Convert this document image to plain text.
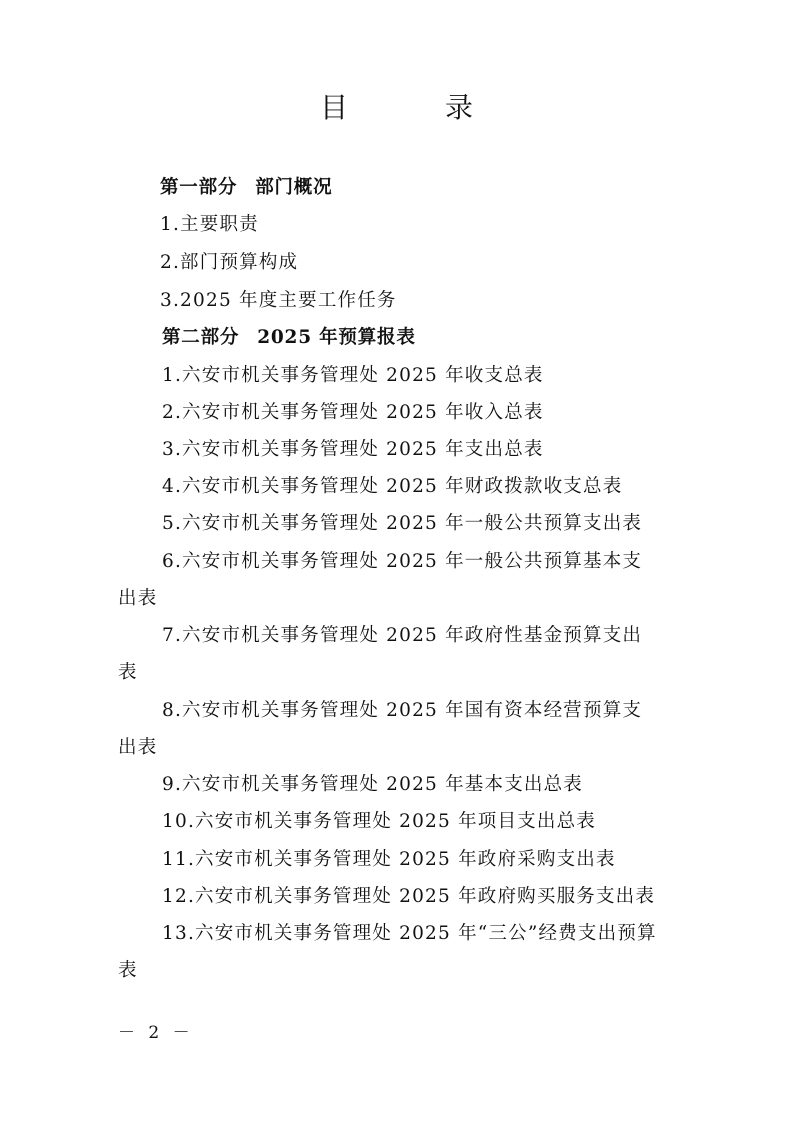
目 录
第一部分 部门概况
1.主要职责
2.部门预算构成
3.2025 年度主要工作任务
第二部分 2025 年预算报表
1.六安市机关事务管理处 2025 年收支总表
2.六安市机关事务管理处 2025 年收入总表
3.六安市机关事务管理处 2025 年支出总表
4.六安市机关事务管理处 2025 年财政拨款收支总表
5.六安市机关事务管理处 2025 年一般公共预算支出表
6.六安市机关事务管理处 2025 年一般公共预算基本支
出表
7.六安市机关事务管理处 2025 年政府性基金预算支出
表
8.六安市机关事务管理处 2025 年国有资本经营预算支
出表
9.六安市机关事务管理处 2025 年基本支出总表
10.六安市机关事务管理处 2025 年项目支出总表
11.六安市机关事务管理处 2025 年政府采购支出表
12.六安市机关事务管理处 2025 年政府购买服务支出表
13.六安市机关事务管理处 2025 年“三公”经费支出预算
表
－ 2 －
